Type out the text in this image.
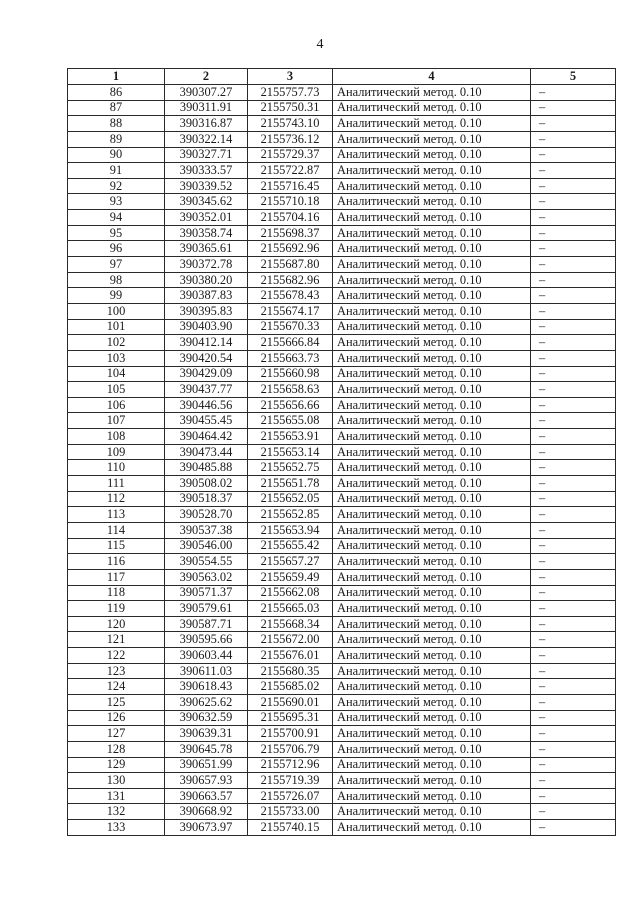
4
1	2	3	4	5
86	390307.27	2155757.73	Аналитический метод. 0.10	–
87	390311.91	2155750.31	Аналитический метод. 0.10	–
88	390316.87	2155743.10	Аналитический метод. 0.10	–
89	390322.14	2155736.12	Аналитический метод. 0.10	–
90	390327.71	2155729.37	Аналитический метод. 0.10	–
91	390333.57	2155722.87	Аналитический метод. 0.10	–
92	390339.52	2155716.45	Аналитический метод. 0.10	–
93	390345.62	2155710.18	Аналитический метод. 0.10	–
94	390352.01	2155704.16	Аналитический метод. 0.10	–
95	390358.74	2155698.37	Аналитический метод. 0.10	–
96	390365.61	2155692.96	Аналитический метод. 0.10	–
97	390372.78	2155687.80	Аналитический метод. 0.10	–
98	390380.20	2155682.96	Аналитический метод. 0.10	–
99	390387.83	2155678.43	Аналитический метод. 0.10	–
100	390395.83	2155674.17	Аналитический метод. 0.10	–
101	390403.90	2155670.33	Аналитический метод. 0.10	–
102	390412.14	2155666.84	Аналитический метод. 0.10	–
103	390420.54	2155663.73	Аналитический метод. 0.10	–
104	390429.09	2155660.98	Аналитический метод. 0.10	–
105	390437.77	2155658.63	Аналитический метод. 0.10	–
106	390446.56	2155656.66	Аналитический метод. 0.10	–
107	390455.45	2155655.08	Аналитический метод. 0.10	–
108	390464.42	2155653.91	Аналитический метод. 0.10	–
109	390473.44	2155653.14	Аналитический метод. 0.10	–
110	390485.88	2155652.75	Аналитический метод. 0.10	–
111	390508.02	2155651.78	Аналитический метод. 0.10	–
112	390518.37	2155652.05	Аналитический метод. 0.10	–
113	390528.70	2155652.85	Аналитический метод. 0.10	–
114	390537.38	2155653.94	Аналитический метод. 0.10	–
115	390546.00	2155655.42	Аналитический метод. 0.10	–
116	390554.55	2155657.27	Аналитический метод. 0.10	–
117	390563.02	2155659.49	Аналитический метод. 0.10	–
118	390571.37	2155662.08	Аналитический метод. 0.10	–
119	390579.61	2155665.03	Аналитический метод. 0.10	–
120	390587.71	2155668.34	Аналитический метод. 0.10	–
121	390595.66	2155672.00	Аналитический метод. 0.10	–
122	390603.44	2155676.01	Аналитический метод. 0.10	–
123	390611.03	2155680.35	Аналитический метод. 0.10	–
124	390618.43	2155685.02	Аналитический метод. 0.10	–
125	390625.62	2155690.01	Аналитический метод. 0.10	–
126	390632.59	2155695.31	Аналитический метод. 0.10	–
127	390639.31	2155700.91	Аналитический метод. 0.10	–
128	390645.78	2155706.79	Аналитический метод. 0.10	–
129	390651.99	2155712.96	Аналитический метод. 0.10	–
130	390657.93	2155719.39	Аналитический метод. 0.10	–
131	390663.57	2155726.07	Аналитический метод. 0.10	–
132	390668.92	2155733.00	Аналитический метод. 0.10	–
133	390673.97	2155740.15	Аналитический метод. 0.10	–
